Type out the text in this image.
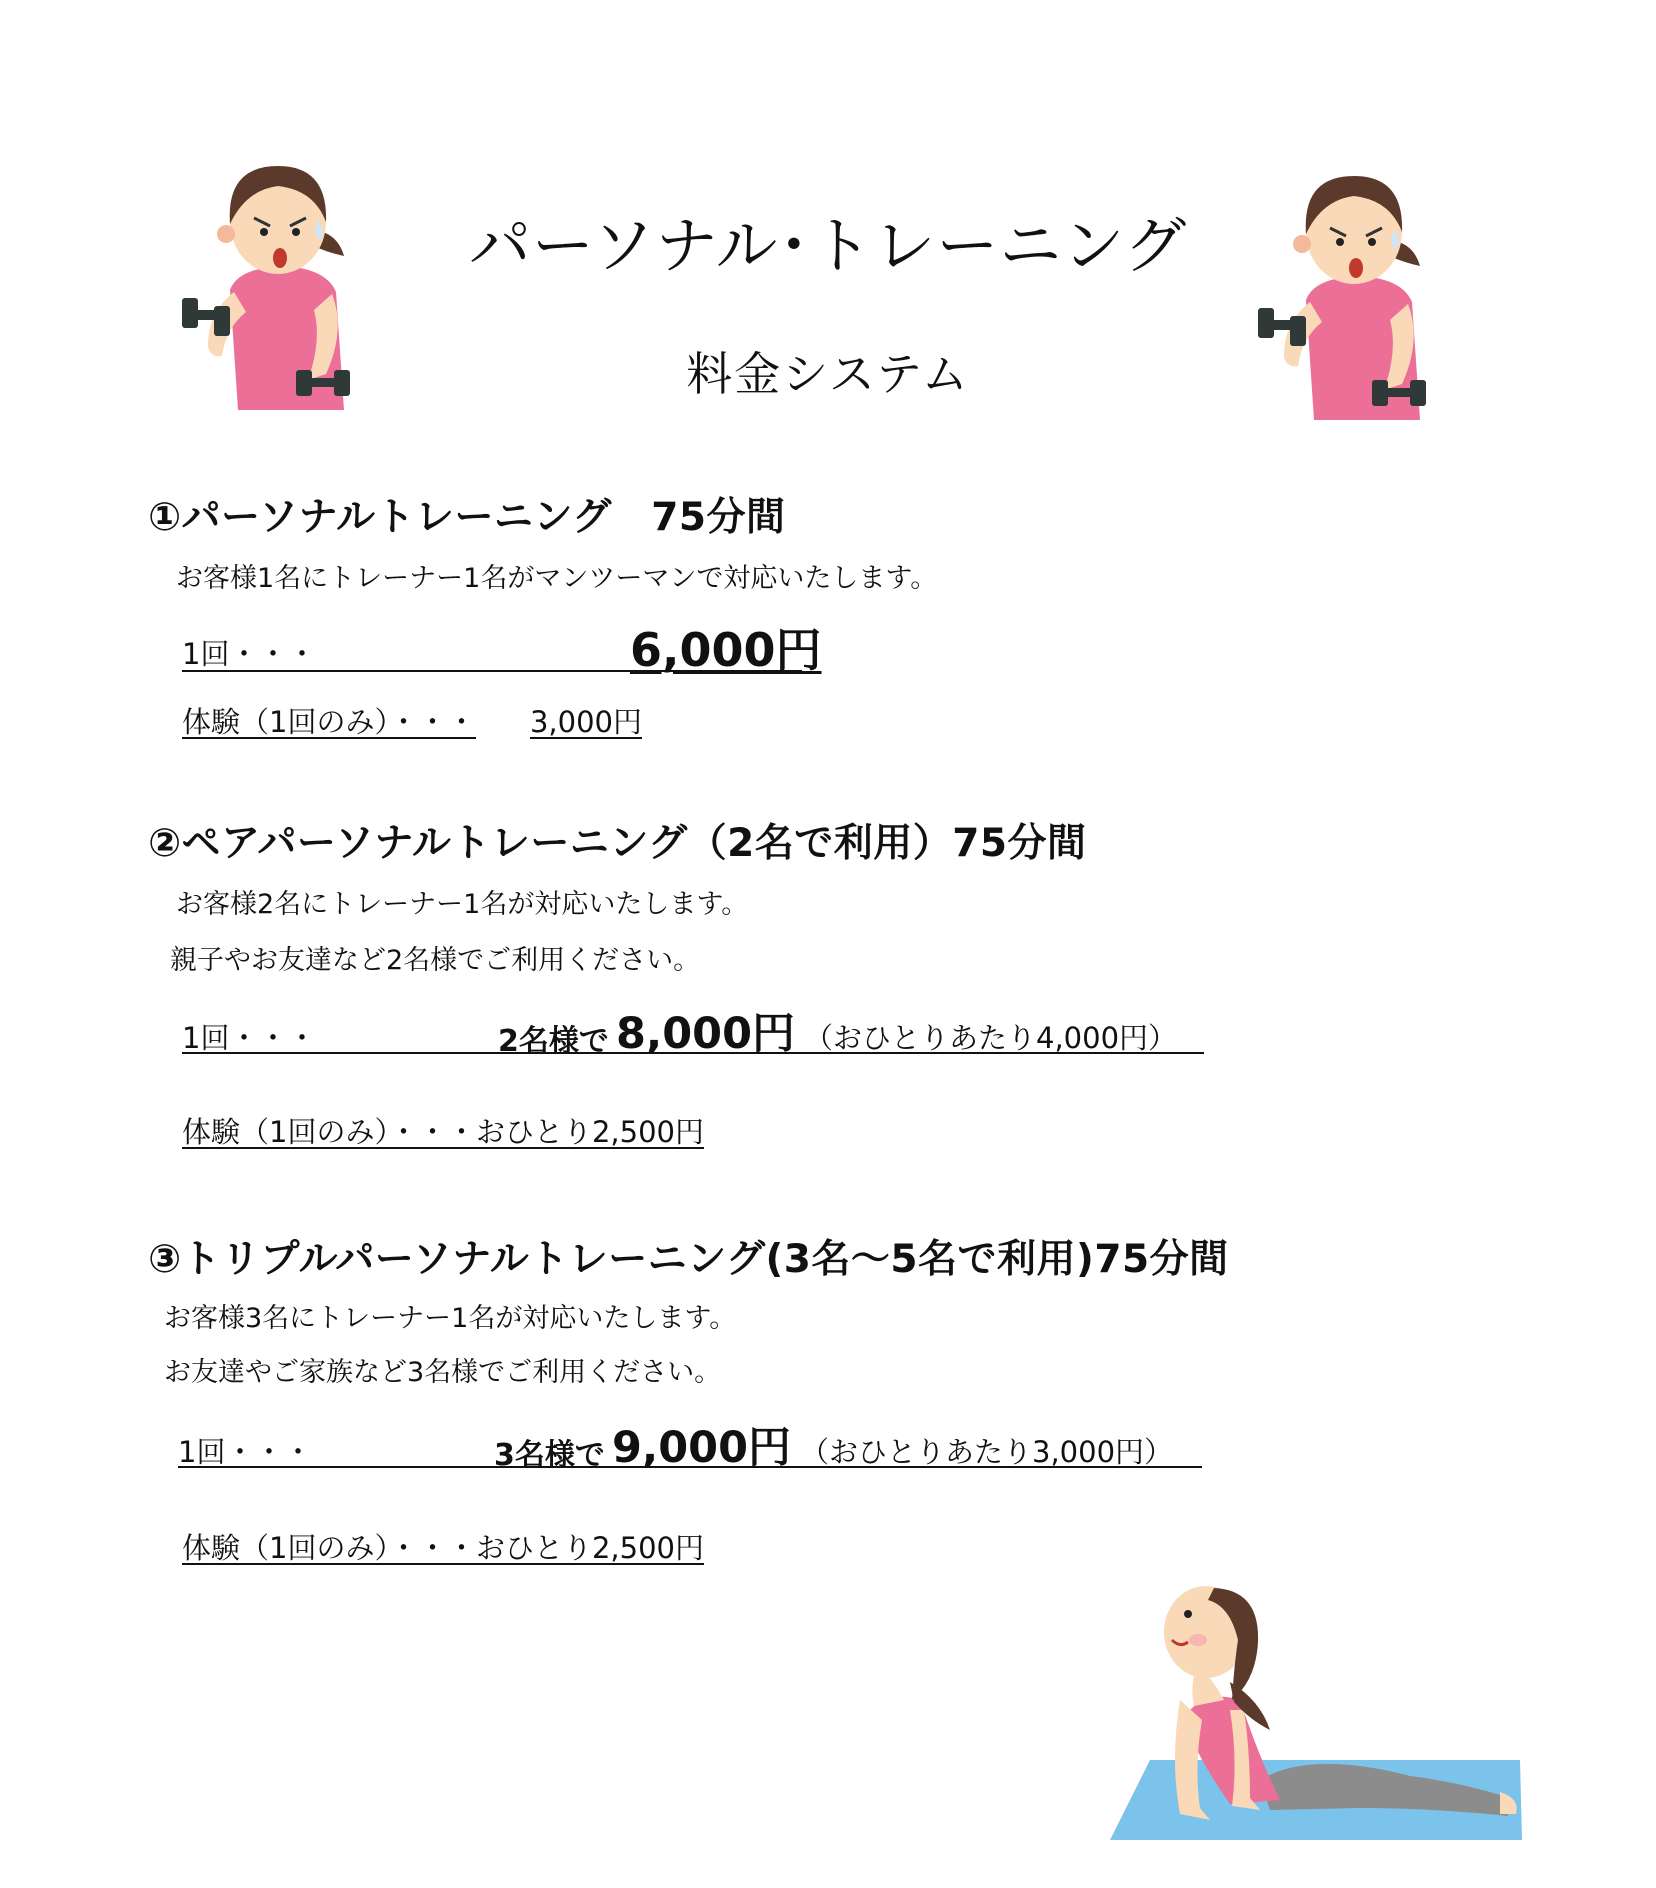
パーソナル･トレーニング
料金システム
①パーソナルトレーニング　75分間
お客様1名にトレーナー1名がマンツーマンで対応いたします。
1回・・・	6,000円
体験（1回のみ）・・・ 3,000円
②ペアパーソナルトレーニング（2名で利用）75分間
お客様2名にトレーナー1名が対応いたします。
親子やお友達など2名様でご利用ください。
1回・・・	2名様で 8,000円 （おひとりあたり4,000円）
体験（1回のみ）・・・おひとり2,500円
③トリプルパーソナルトレーニング(3名～5名で利用)75分間
お客様3名にトレーナー1名が対応いたします。
お友達やご家族など3名様でご利用ください。
1回・・・	3名様で 9,000円 （おひとりあたり3,000円）
体験（1回のみ）・・・おひとり2,500円
